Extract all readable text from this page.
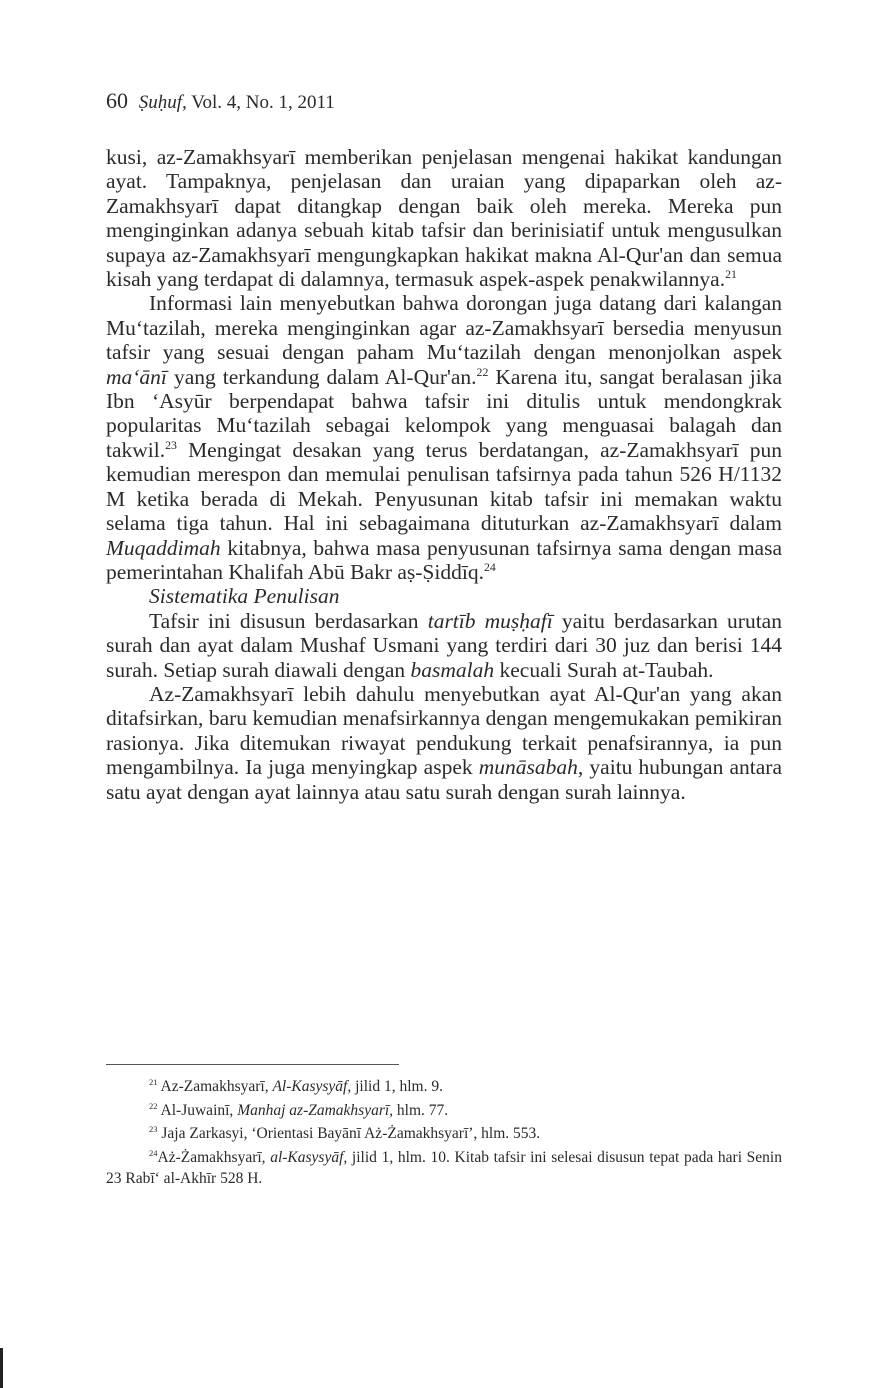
60 Ṣuḥuf, Vol. 4, No. 1, 2011

kusi, az-Zamakhsyarī memberikan penjelasan mengenai hakikat kandungan ayat. Tampaknya, penjelasan dan uraian yang dipaparkan oleh az-Zamakhsyarī dapat ditangkap dengan baik oleh mereka. Mereka pun menginginkan adanya sebuah kitab tafsir dan berinisiatif untuk mengusulkan supaya az-Zamakhsyarī mengungkapkan hakikat makna Al-Qur'an dan semua kisah yang terdapat di dalamnya, termasuk aspek-aspek penakwilannya.$^{21}$

Informasi lain menyebutkan bahwa dorongan juga datang dari kalangan Mu‘tazilah, mereka menginginkan agar az-Zamakhsyarī bersedia menyusun tafsir yang sesuai dengan paham Mu‘tazilah dengan menonjolkan aspek ma‘ānī yang terkandung dalam Al-Qur'an.$^{22}$ Karena itu, sangat beralasan jika Ibn ‘Asyūr berpendapat bahwa tafsir ini ditulis untuk mendongkrak popularitas Mu‘tazilah sebagai kelompok yang menguasai balagah dan takwil.$^{23}$ Mengingat desakan yang terus berdatangan, az-Zamakhsyarī pun kemudian merespon dan memulai penulisan tafsirnya pada tahun 526 H/1132 M ketika berada di Mekah. Penyusunan kitab tafsir ini memakan waktu selama tiga tahun. Hal ini sebagaimana dituturkan az-Zamakhsyarī dalam Muqaddimah kitabnya, bahwa masa penyusunan tafsirnya sama dengan masa pemerintahan Khalifah Abū Bakr aṣ-Ṣiddīq.$^{24}$

Sistematika Penulisan

Tafsir ini disusun berdasarkan tartīb muṣḥafī yaitu berdasarkan urutan surah dan ayat dalam Mushaf Usmani yang terdiri dari 30 juz dan berisi 144 surah. Setiap surah diawali dengan basmalah kecuali Surah at-Taubah.

Az-Zamakhsyarī lebih dahulu menyebutkan ayat Al-Qur'an yang akan ditafsirkan, baru kemudian menafsirkannya dengan mengemukakan pemikiran rasionya. Jika ditemukan riwayat pendukung terkait penafsirannya, ia pun mengambilnya. Ia juga menyingkap aspek munāsabah, yaitu hubungan antara satu ayat dengan ayat lainnya atau satu surah dengan surah lainnya.

$^{21}$ Az-Zamakhsyarī, Al-Kasysyāf, jilid 1, hlm. 9.

$^{22}$ Al-Juwainī, Manhaj az-Zamakhsyarī, hlm. 77.

$^{23}$ Jaja Zarkasyi, ‘Orientasi Bayānī Aż-Żamakhsyarī’, hlm. 553.

$^{24}$Aż-Żamakhsyarī, al-Kasysyāf, jilid 1, hlm. 10. Kitab tafsir ini selesai disusun tepat pada hari Senin 23 Rabī‘ al-Akhīr 528 H.
